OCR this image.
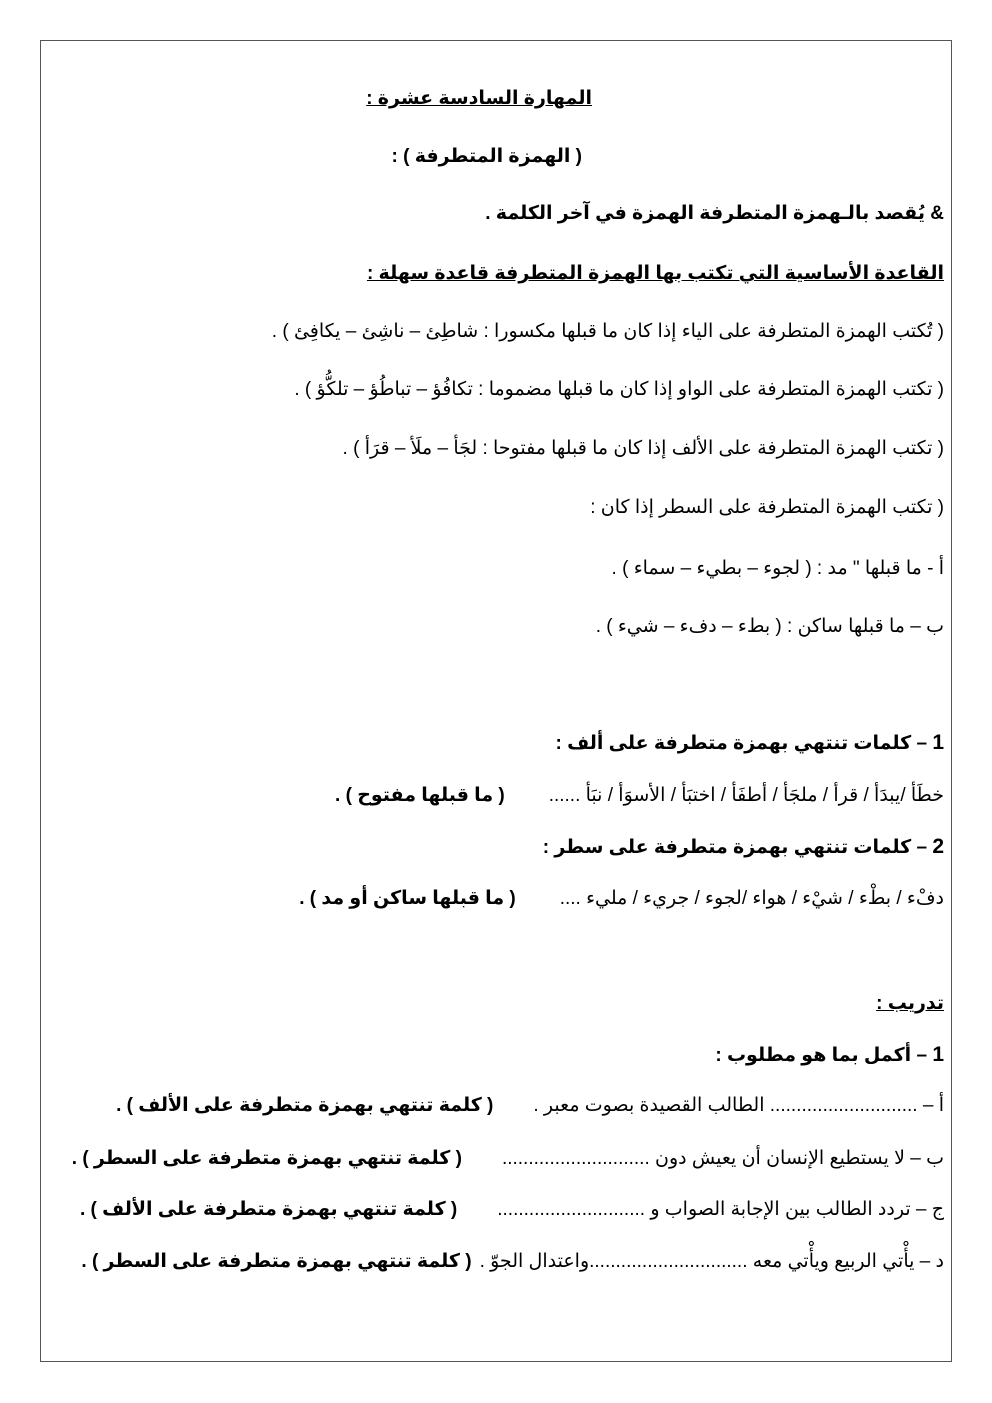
المهارة السادسة عشرة :
( الهمزة المتطرفة ) :
& يُقصد بالـهمزة المتطرفة الهمزة في آخر الكلمة .
القاعدة الأساسية التي تكتب بها الهمزة المتطرفة قاعدة سهلة :
( تُكتب الهمزة المتطرفة على الياء إذا كان ما قبلها مكسورا : شاطِئ – ناشِئ – يكافِئ ) .
( تكتب الهمزة المتطرفة على الواو إذا كان ما قبلها مضموما : تكافُؤ – تباطُؤ – تلكُّؤ ) .
( تكتب الهمزة المتطرفة على الألف إذا كان ما قبلها مفتوحا : لجَأ – ملَأ – قرَأ ) .
( تكتب الهمزة المتطرفة على السطر إذا كان :
أ - ما قبلها " مد : ( لجوء – بطيء – سماء ) .
ب – ما قبلها ساكن : ( بطء – دفء – شيء ) .
1 – كلمات تنتهي بهمزة متطرفة على ألف :
خطَأ /يبدَأ / قرأ / ملجَأ / أطفَأ / اختبَأ / الأسوَأ / نبَأ ......( ما قبلها مفتوح ) .
2 – كلمات تنتهي بهمزة متطرفة على سطر :
دفْء / بطْء / شيْء / هواء /لجوء / جريء / مليء ....( ما قبلها ساكن أو مد ) .
تدريب :
1 – أكمل بما هو مطلوب :
أ – ............................ الطالب القصيدة بصوت معبر .( كلمة تنتهي بهمزة متطرفة على الألف ) .
ب – لا يستطيع الإنسان أن يعيش دون ............................( كلمة تنتهي بهمزة متطرفة على السطر ) .
ج – تردد الطالب بين الإجابة الصواب و ............................( كلمة تنتهي بهمزة متطرفة على الألف ) .
د – يأْتي الربيع ويأْتي معه ..............................واعتدال الجوّ .( كلمة تنتهي بهمزة متطرفة على السطر ) .
